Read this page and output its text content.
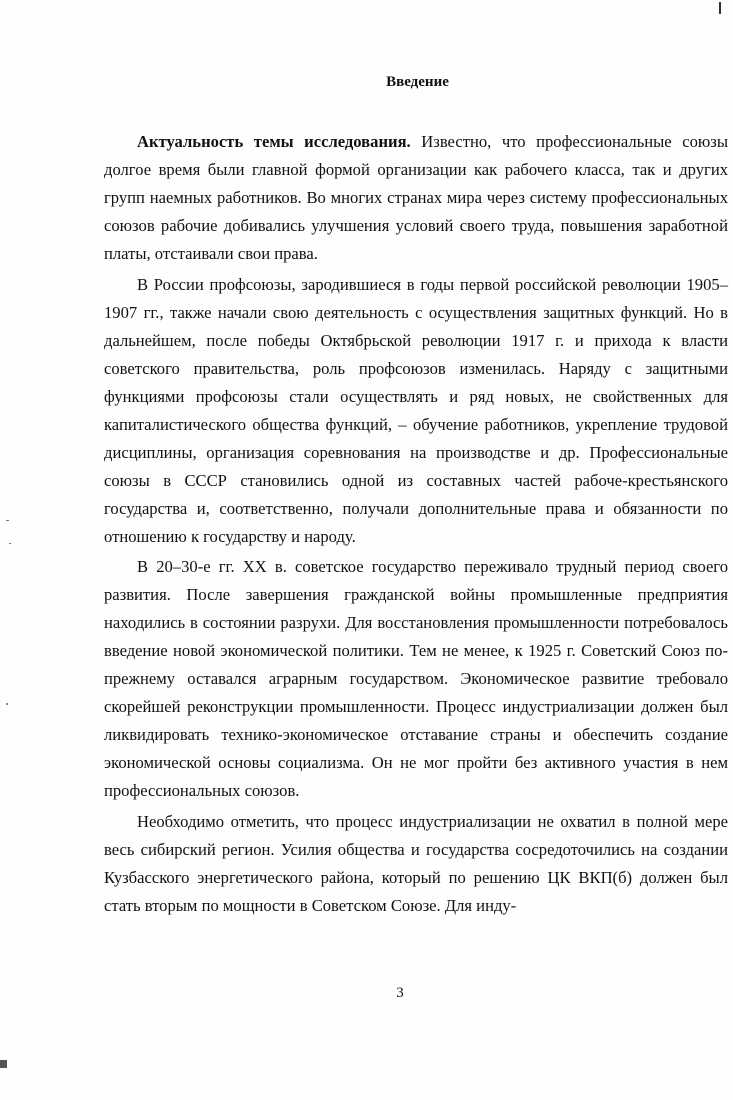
Введение

Актуальность темы исследования. Известно, что профессиональные союзы долгое время были главной формой организации как рабочего класса, так и других групп наемных работников. Во многих странах мира через систему профессиональных союзов рабочие добивались улучшения условий своего труда, повышения заработной платы, отстаивали свои права.

В России профсоюзы, зародившиеся в годы первой российской революции 1905–1907 гг., также начали свою деятельность с осуществления защитных функций. Но в дальнейшем, после победы Октябрьской революции 1917 г. и прихода к власти советского правительства, роль профсоюзов изменилась. Наряду с защитными функциями профсоюзы стали осуществлять и ряд новых, не свойственных для капиталистического общества функций, – обучение работников, укрепление трудовой дисциплины, организация соревнования на производстве и др. Профессиональные союзы в СССР становились одной из составных частей рабоче-крестьянского государства и, соответственно, получали дополнительные права и обязанности по отношению к государству и народу.

В 20–30-е гг. XX в. советское государство переживало трудный период своего развития. После завершения гражданской войны промышленные предприятия находились в состоянии разрухи. Для восстановления промышленности потребовалось введение новой экономической политики. Тем не менее, к 1925 г. Советский Союз по-прежнему оставался аграрным государством. Экономическое развитие требовало скорейшей реконструкции промышленности. Процесс индустриализации должен был ликвидировать технико-экономическое отставание страны и обеспечить создание экономической основы социализма. Он не мог пройти без активного участия в нем профессиональных союзов.

Необходимо отметить, что процесс индустриализации не охватил в полной мере весь сибирский регион. Усилия общества и государства сосредоточились на создании Кузбасского энергетического района, который по решению ЦК ВКП(б) должен был стать вторым по мощности в Советском Союзе. Для инду-

3
